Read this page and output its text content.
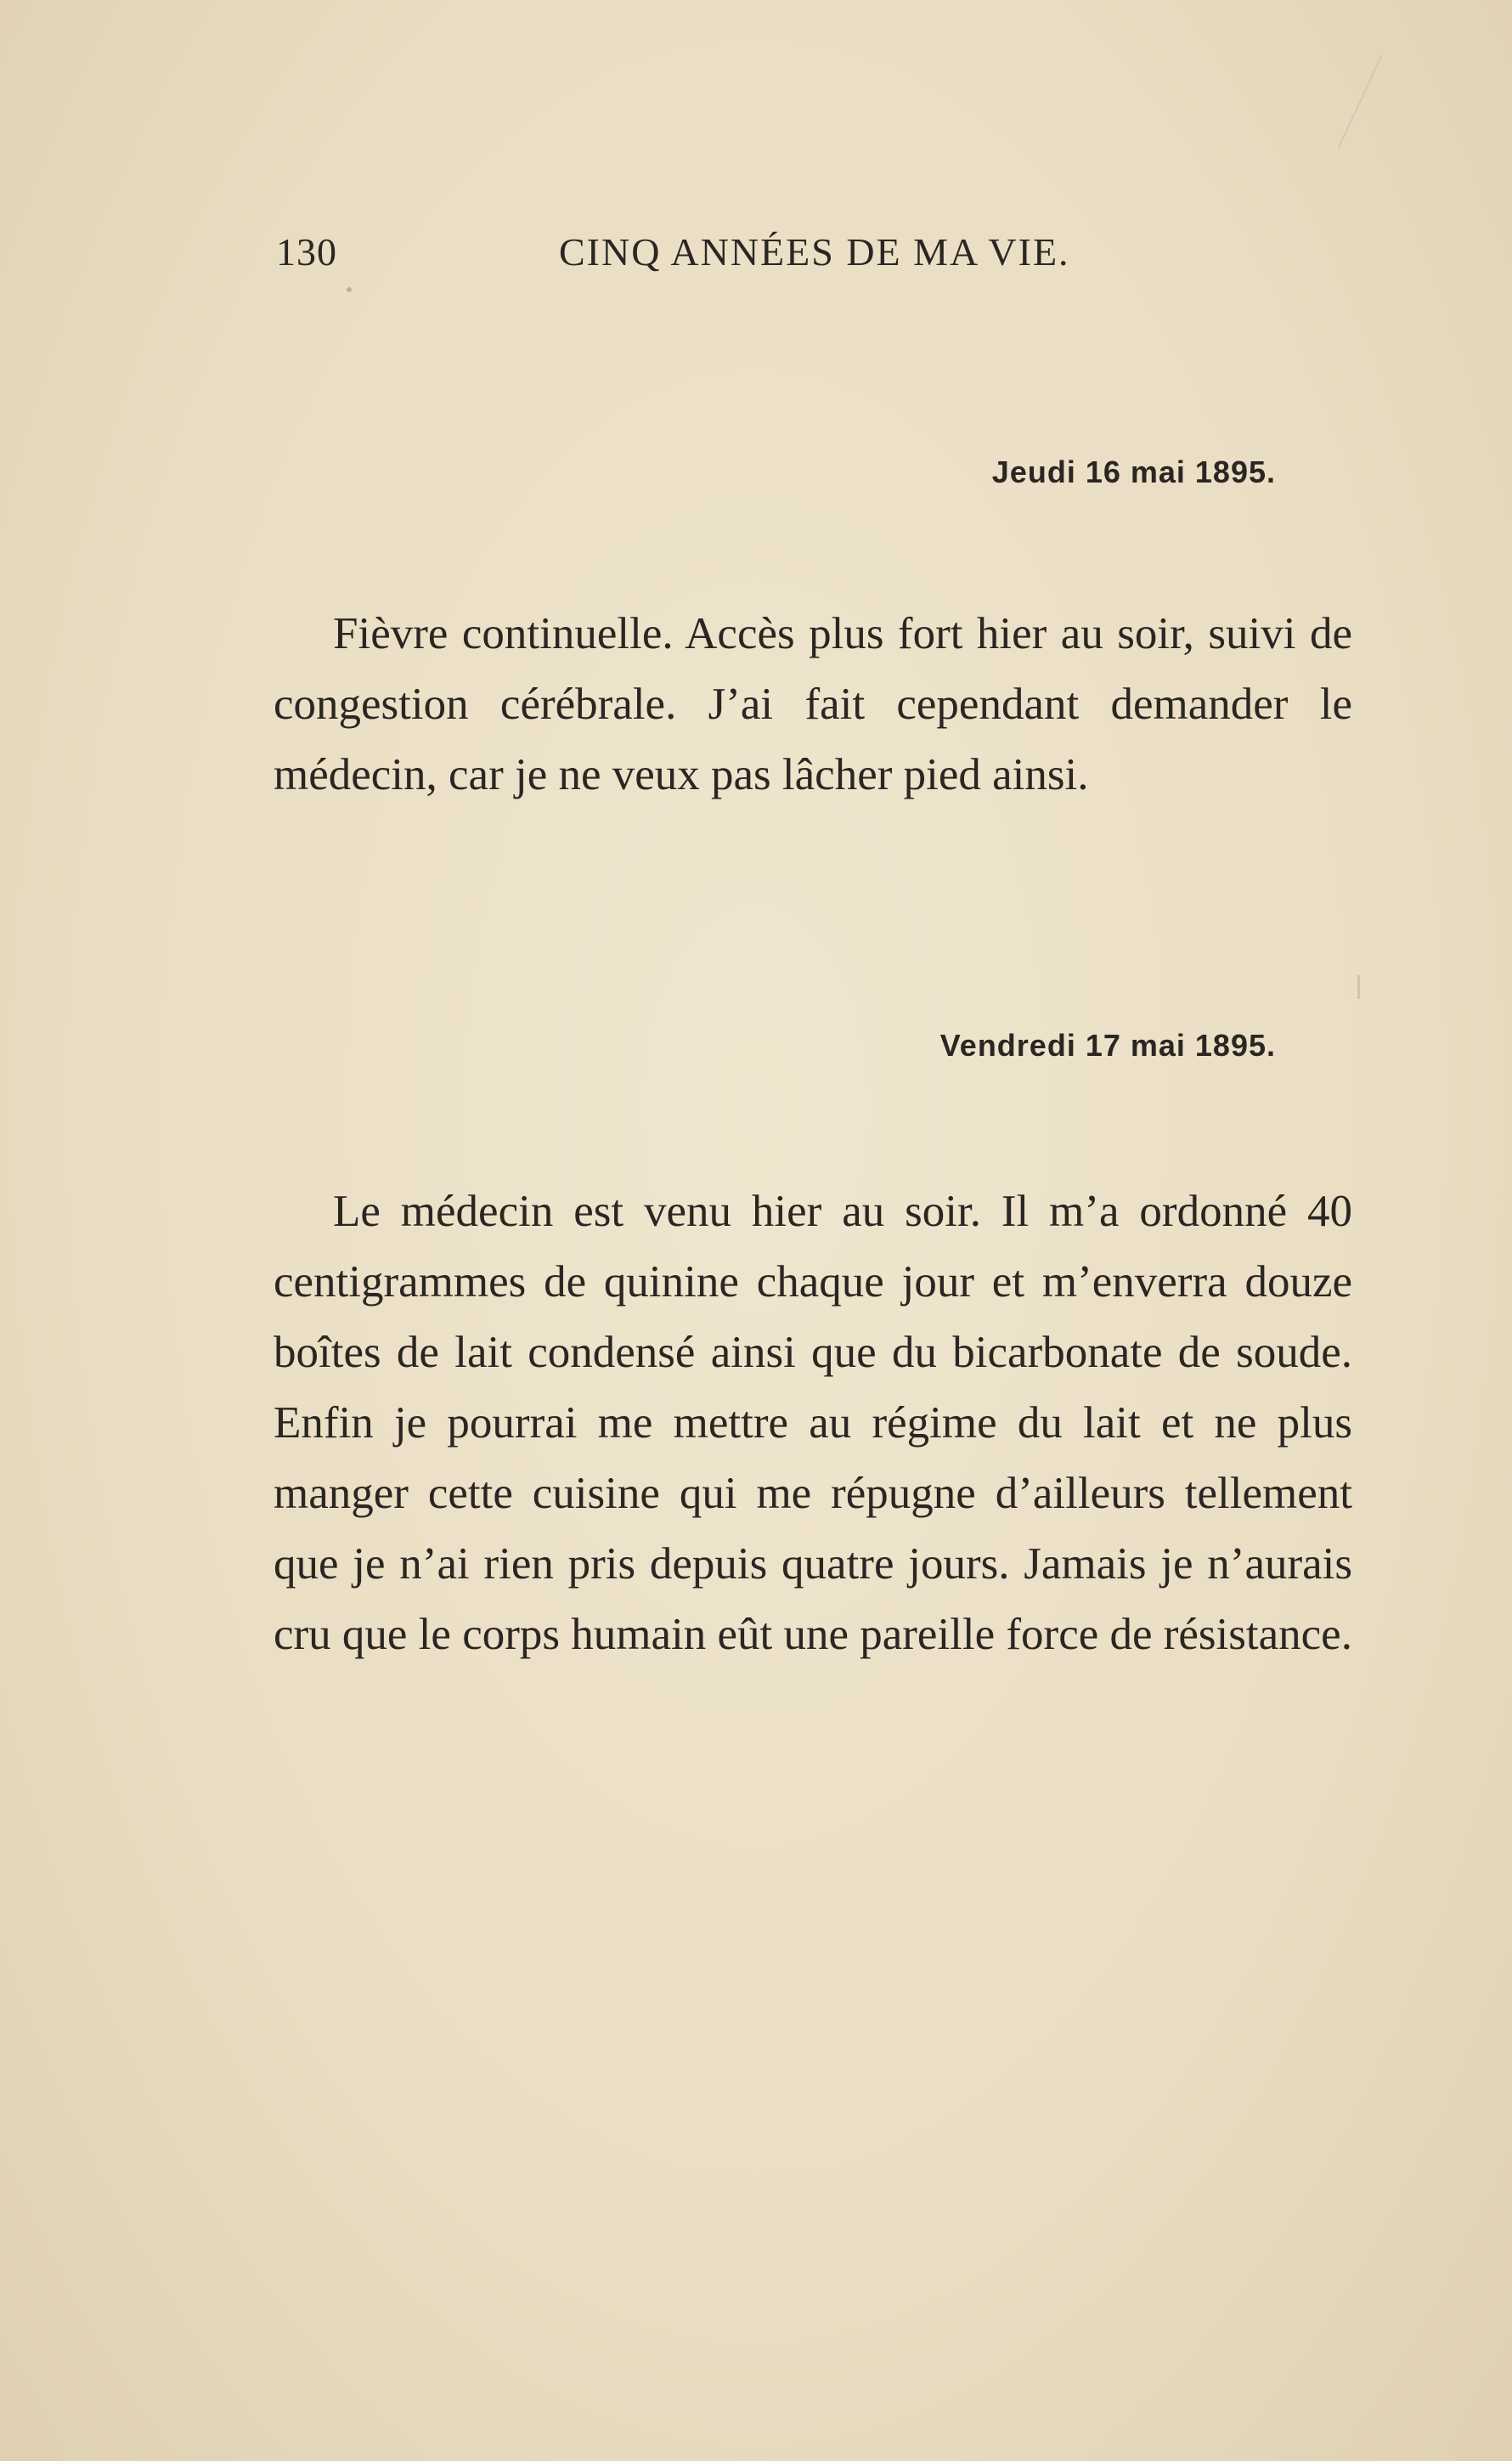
130	CINQ ANNÉES DE MA VIE.
Jeudi 16 mai 1895.

Fièvre continuelle. Accès plus fort hier au soir, suivi de congestion cérébrale. J’ai fait cependant demander le médecin, car je ne veux pas lâcher pied ainsi.

Vendredi 17 mai 1895.

Le médecin est venu hier au soir. Il m’a ordonné 40 centigrammes de quinine chaque jour et m’enverra douze boîtes de lait condensé ainsi que du bicarbonate de soude. Enfin je pourrai me mettre au régime du lait et ne plus manger cette cuisine qui me répugne d’ailleurs tellement que je n’ai rien pris depuis quatre jours. Jamais je n’aurais cru que le corps humain eût une pareille force de résistance.
